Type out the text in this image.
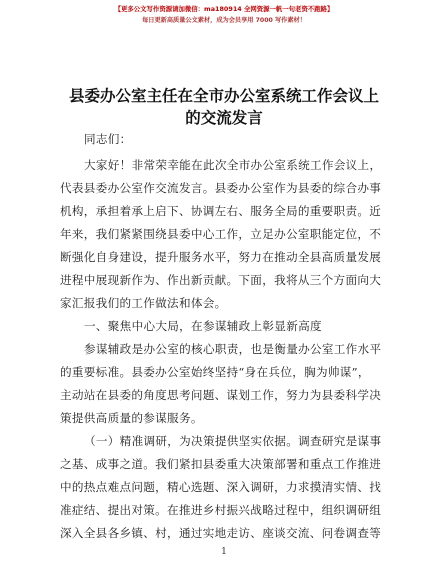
【更多公文写作资源请加微信：ma180914 全网资源一帆一句老资不跑路】
每日更新高质量公文素材，成为会员享用 7000 写作素材！
县委办公室主任在全市办公室系统工作会议上
的交流发言
同志们：
大家好！非常荣幸能在此次全市办公室系统工作会议上，
代表县委办公室作交流发言。县委办公室作为县委的综合办事
机构，承担着承上启下、协调左右、服务全局的重要职责。近
年来，我们紧紧围绕县委中心工作，立足办公室职能定位，不
断强化自身建设，提升服务水平，努力在推动全县高质量发展
进程中展现新作为、作出新贡献。下面，我将从三个方面向大
家汇报我们的工作做法和体会。
一、聚焦中心大局，在参谋辅政上彰显新高度
参谋辅政是办公室的核心职责，也是衡量办公室工作水平
的重要标准。县委办公室始终坚持“身在兵位，胸为帅谋”，
主动站在县委的角度思考问题、谋划工作，努力为县委科学决
策提供高质量的参谋服务。
（一）精准调研，为决策提供坚实依据。调查研究是谋事
之基、成事之道。我们紧扣县委重大决策部署和重点工作推进
中的热点难点问题，精心选题、深入调研，力求摸清实情、找
准症结、提出对策。在推进乡村振兴战略过程中，组织调研组
深入全县各乡镇、村，通过实地走访、座谈交流、问卷调查等
1
